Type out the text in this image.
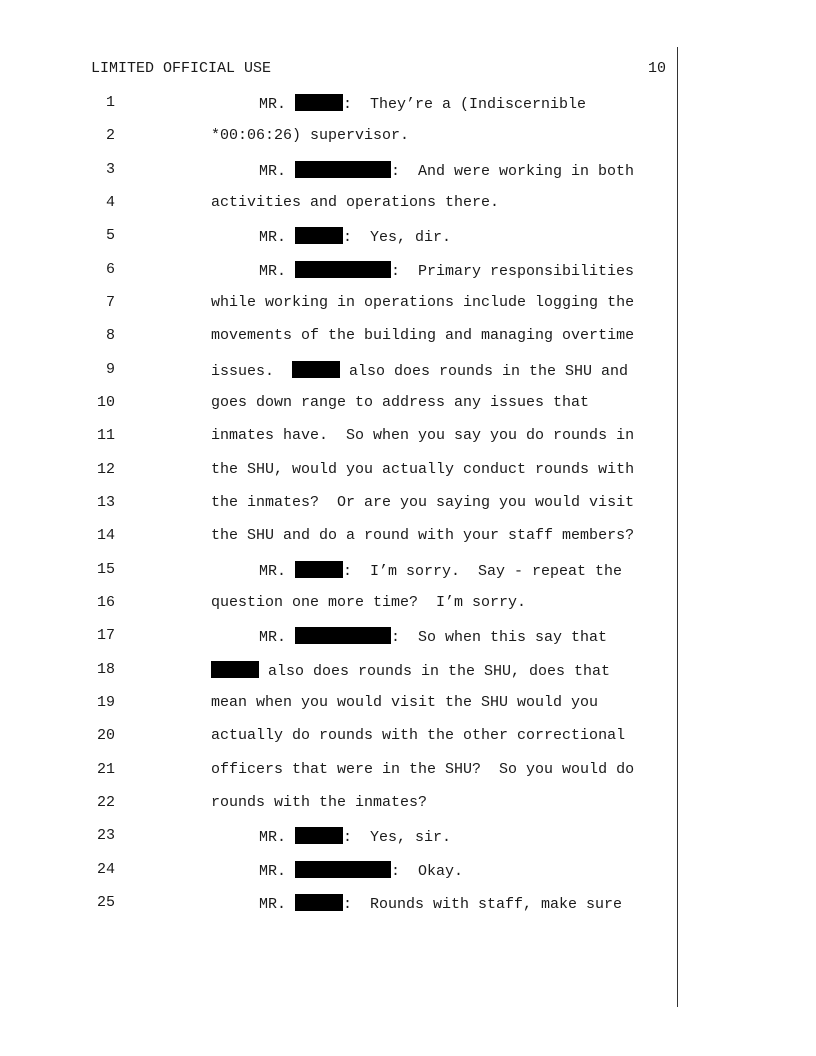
LIMITED OFFICIAL USE	10
1	MR.	:  They’re a (Indiscernible
2	*00:06:26) supervisor.
3	MR.	:  And were working in both
4	activities and operations there.
5	MR.	:  Yes, dir.
6	MR.	:  Primary responsibilities
7	while working in operations include logging the
8	movements of the building and managing overtime
9	issues.	also does rounds in the SHU and
10	goes down range to address any issues that
11	inmates have.  So when you say you do rounds in
12	the SHU, would you actually conduct rounds with
13	the inmates?  Or are you saying you would visit
14	the SHU and do a round with your staff members?
15	MR.	:  I’m sorry.  Say - repeat the
16	question one more time?  I’m sorry.
17	MR.	:  So when this say that
18	also does rounds in the SHU, does that
19	mean when you would visit the SHU would you
20	actually do rounds with the other correctional
21	officers that were in the SHU?  So you would do
22	rounds with the inmates?
23	MR.	:  Yes, sir.
24	MR.	:  Okay.
25	MR.	:  Rounds with staff, make sure
